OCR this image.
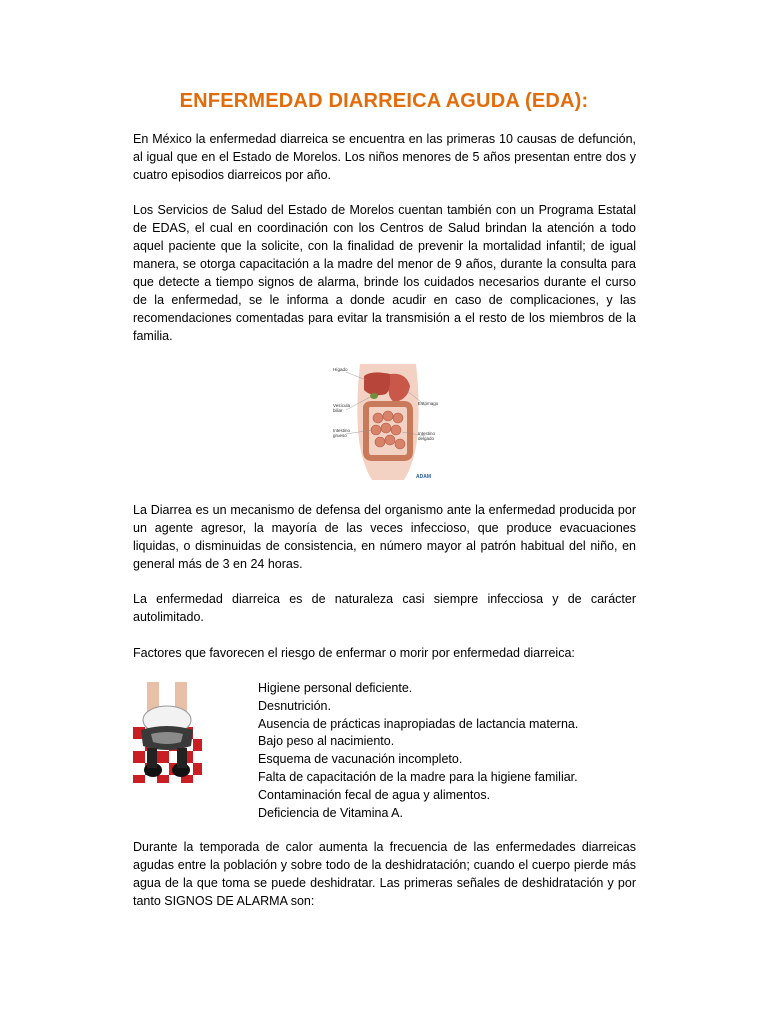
ENFERMEDAD DIARREICA AGUDA (EDA):

En México la enfermedad diarreica se encuentra en las primeras 10 causas de defunción, al igual que en el Estado de Morelos. Los niños menores de 5 años presentan entre dos y cuatro episodios diarreicos por año.

Los Servicios de Salud del Estado de Morelos cuentan también con un Programa Estatal de EDAS, el cual en coordinación con los Centros de Salud brindan la atención a todo aquel paciente que la solicite, con la finalidad de prevenir la mortalidad infantil; de igual manera, se otorga capacitación a la madre del menor de 9 años, durante la consulta para que detecte a tiempo signos de alarma, brinde los cuidados necesarios durante el curso de la enfermedad, se le informa a donde acudir en caso de complicaciones, y las recomendaciones comentadas para evitar la transmisión a el resto de los miembros de la familia.

Hígado
Vesícula
biliar
Intestino
grueso
Estómago
Intestino
delgado
ADAM

La Diarrea es un mecanismo de defensa del organismo ante la enfermedad producida por un agente agresor, la mayoría de las veces infeccioso, que produce evacuaciones liquidas, o disminuidas de consistencia, en número mayor al patrón habitual del niño, en general más de 3 en 24 horas.

La enfermedad diarreica es de naturaleza casi siempre infecciosa y de carácter autolimitado.

Factores que favorecen el riesgo de enfermar o morir por enfermedad diarreica:

Higiene personal deficiente.
Desnutrición.
Ausencia de prácticas inapropiadas de lactancia materna.
Bajo peso al nacimiento.
Esquema de vacunación incompleto.
Falta de capacitación de la madre para la higiene familiar.
Contaminación fecal de agua y alimentos.
Deficiencia de Vitamina A.

Durante la temporada de calor aumenta la frecuencia de las enfermedades diarreicas agudas entre la población y sobre todo de la deshidratación; cuando el cuerpo pierde más agua de la que toma se puede deshidratar. Las primeras señales de deshidratación y por tanto SIGNOS DE ALARMA son:
